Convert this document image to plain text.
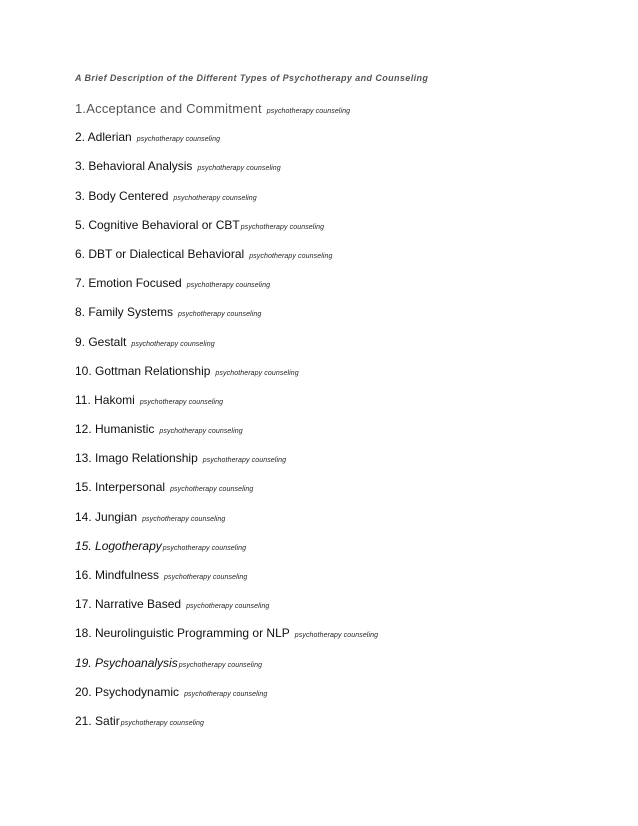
A Brief Description of the Different Types of Psychotherapy and Counseling
1.Acceptance and Commitment psychotherapy counseling
2. Adlerian psychotherapy counseling
3. Behavioral Analysis psychotherapy counseling
3. Body Centered psychotherapy counseling
5. Cognitive Behavioral or CBTpsychotherapy counseling
6. DBT or Dialectical Behavioral psychotherapy counseling
7. Emotion Focused psychotherapy counseling
8. Family Systems psychotherapy counseling
9. Gestalt psychotherapy counseling
10. Gottman Relationship psychotherapy counseling
11. Hakomi psychotherapy counseling
12. Humanistic psychotherapy counseling
13. Imago Relationship psychotherapy counseling
15. Interpersonal psychotherapy counseling
14. Jungian psychotherapy counseling
15. Logotherapypsychotherapy counseling
16. Mindfulness psychotherapy counseling
17. Narrative Based psychotherapy counseling
18. Neurolinguistic Programming or NLP psychotherapy counseling
19. Psychoanalysispsychotherapy counseling
20. Psychodynamic psychotherapy counseling
21. Satirpsychotherapy counseling
